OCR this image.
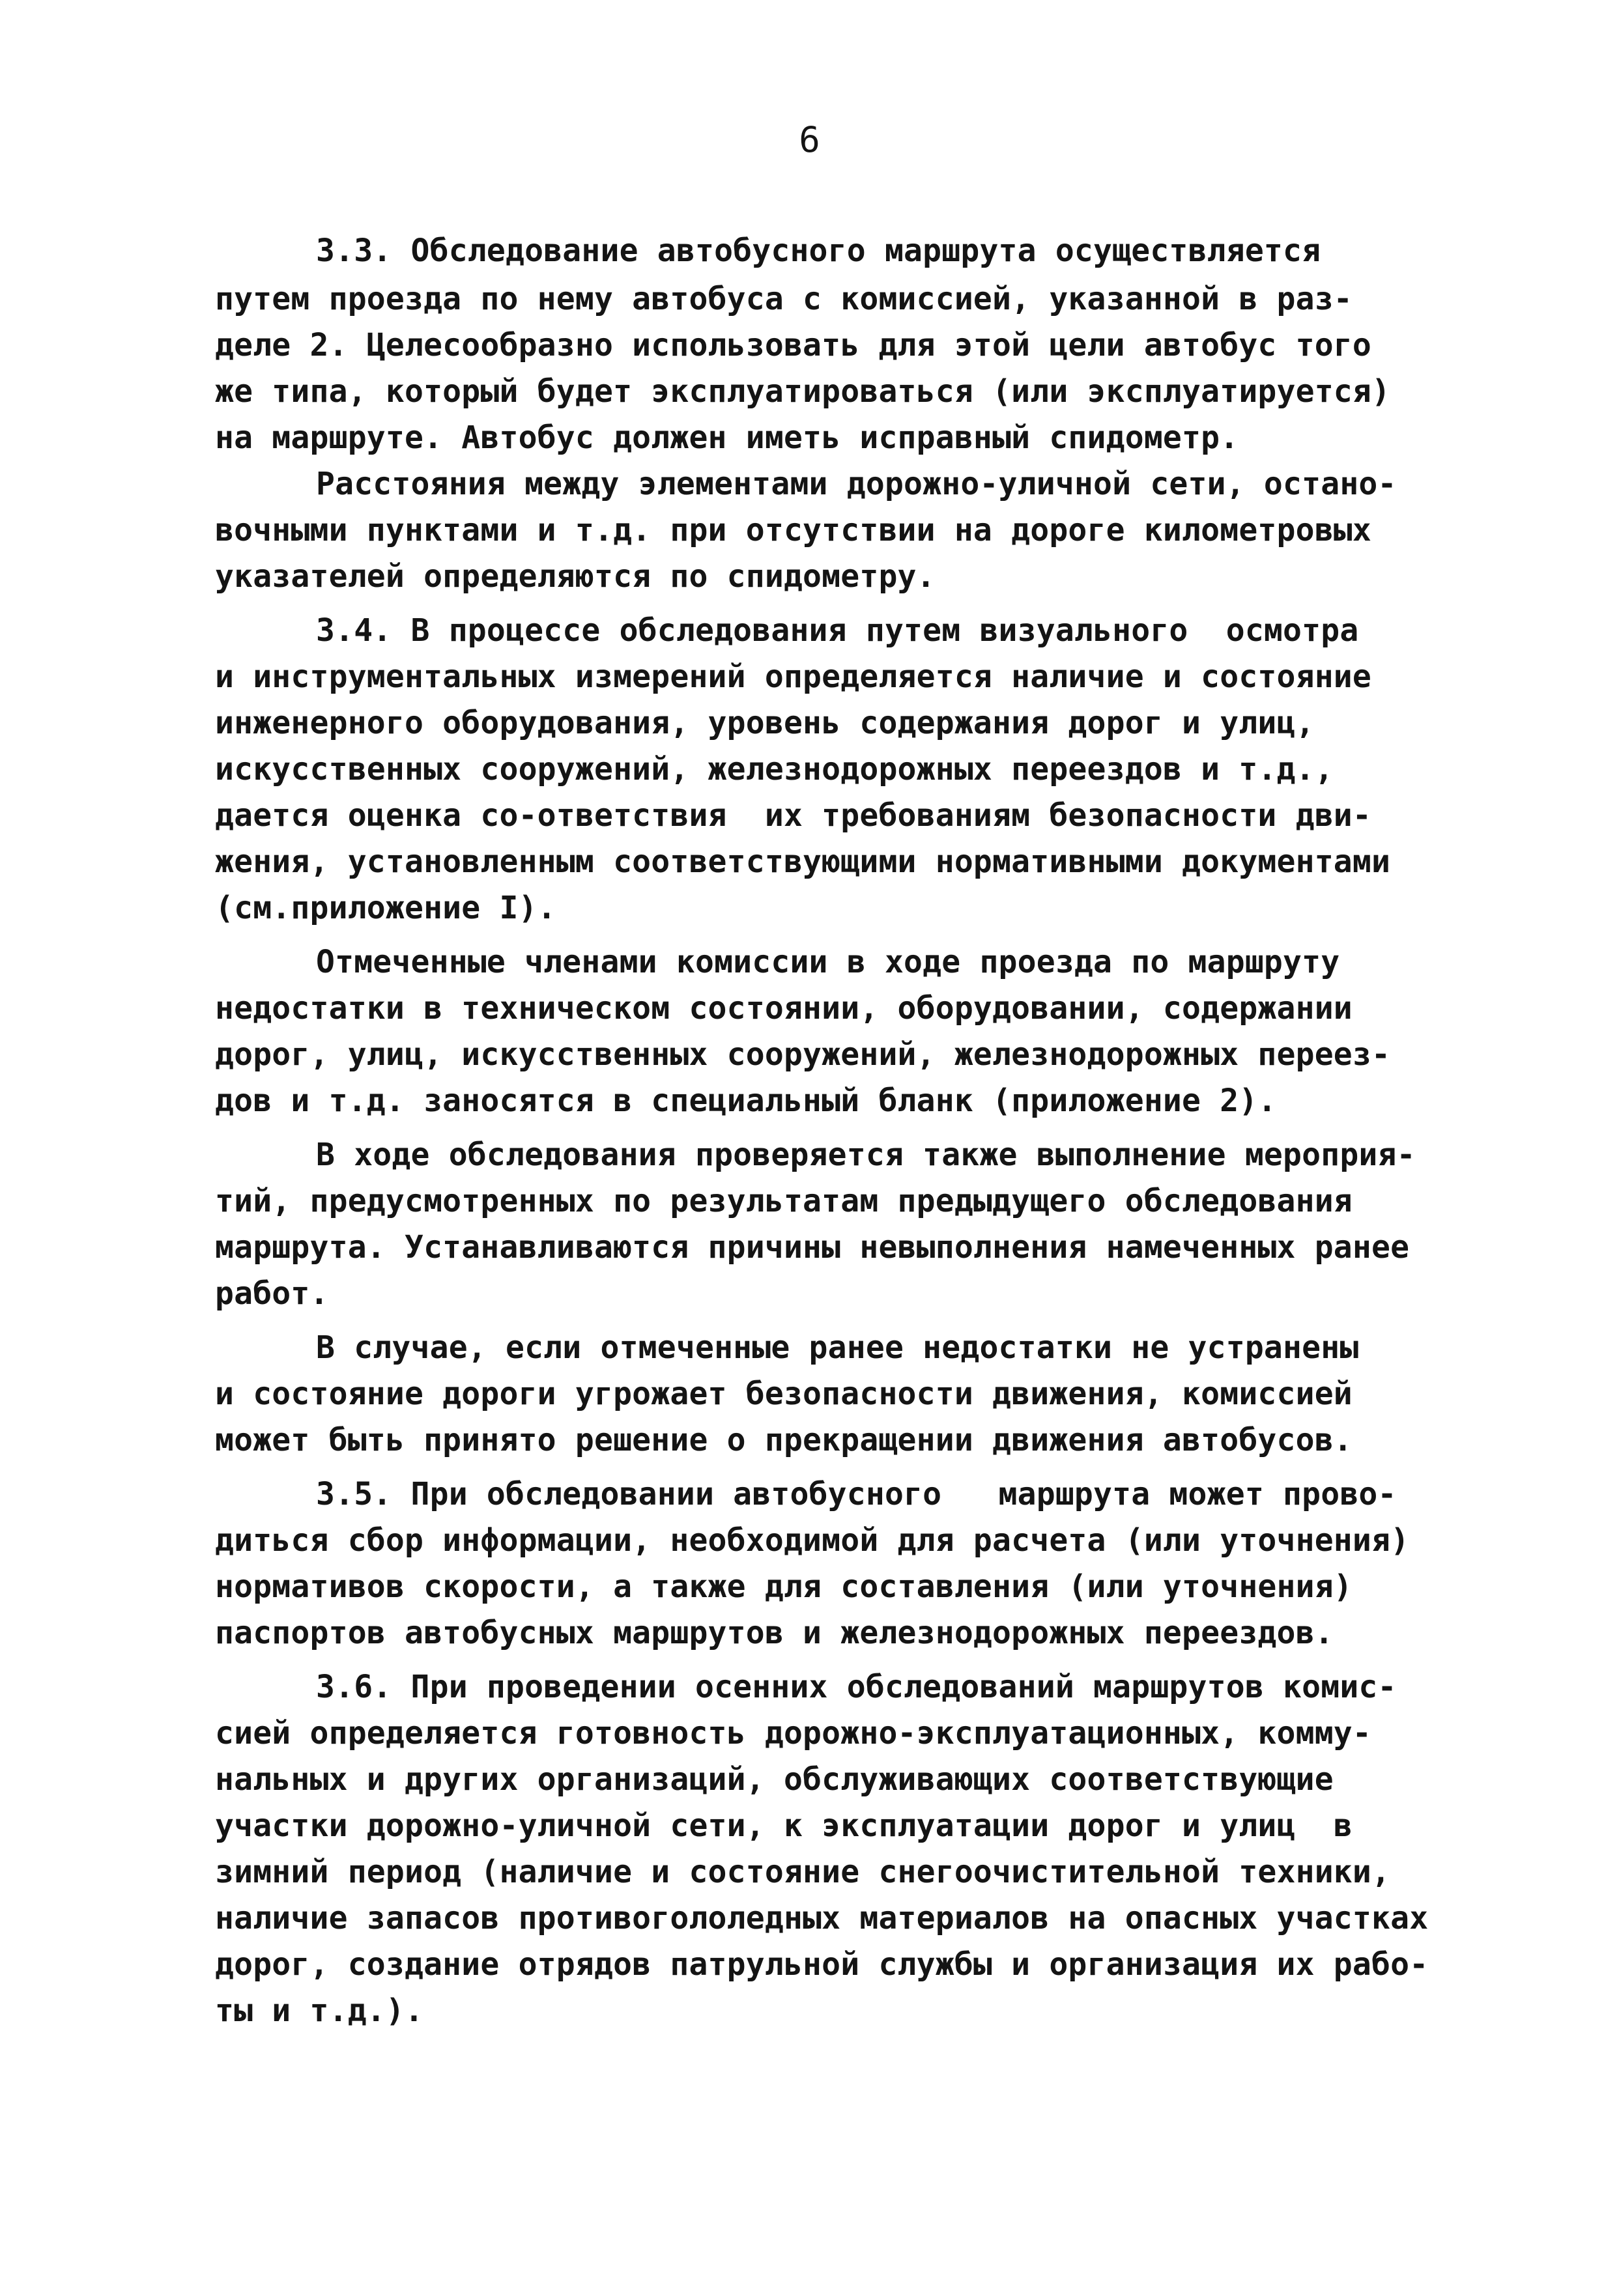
6
3.3. Обследование автобусного маршрута осуществляется
путем проезда по нему автобуса с комиссией, указанной в раз-
деле 2. Целесообразно использовать для этой цели автобус того
же типа, который будет эксплуатироваться (или эксплуатируется)
на маршруте. Автобус должен иметь исправный спидометр.
Расстояния между элементами дорожно-уличной сети, остано-
вочными пунктами и т.д. при отсутствии на дороге километровых
указателей определяются по спидометру.
3.4. В процессе обследования путем визуального  осмотра
и инструментальных измерений определяется наличие и состояние
инженерного оборудования, уровень содержания дорог и улиц,
искусственных сооружений, железнодорожных переездов и т.д.,
дается оценка со-ответствия  их требованиям безопасности дви-
жения, установленным соответствующими нормативными документами
(см.приложение I).
Отмеченные членами комиссии в ходе проезда по маршруту
недостатки в техническом состоянии, оборудовании, содержании
дорог, улиц, искусственных сооружений, железнодорожных переез-
дов и т.д. заносятся в специальный бланк (приложение 2).
В ходе обследования проверяется также выполнение мероприя-
тий, предусмотренных по результатам предыдущего обследования
маршрута. Устанавливаются причины невыполнения намеченных ранее
работ.
В случае, если отмеченные ранее недостатки не устранены
и состояние дороги угрожает безопасности движения, комиссией
может быть принято решение о прекращении движения автобусов.
3.5. При обследовании автобусного   маршрута может прово-
диться сбор информации, необходимой для расчета (или уточнения)
нормативов скорости, а также для составления (или уточнения)
паспортов автобусных маршрутов и железнодорожных переездов.
3.6. При проведении осенних обследований маршрутов комис-
сией определяется готовность дорожно-эксплуатационных, комму-
нальных и других организаций, обслуживающих соответствующие
участки дорожно-уличной сети, к эксплуатации дорог и улиц  в
зимний период (наличие и состояние снегоочистительной техники,
наличие запасов противогололедных материалов на опасных участках
дорог, создание отрядов патрульной службы и организация их рабо-
ты и т.д.).
